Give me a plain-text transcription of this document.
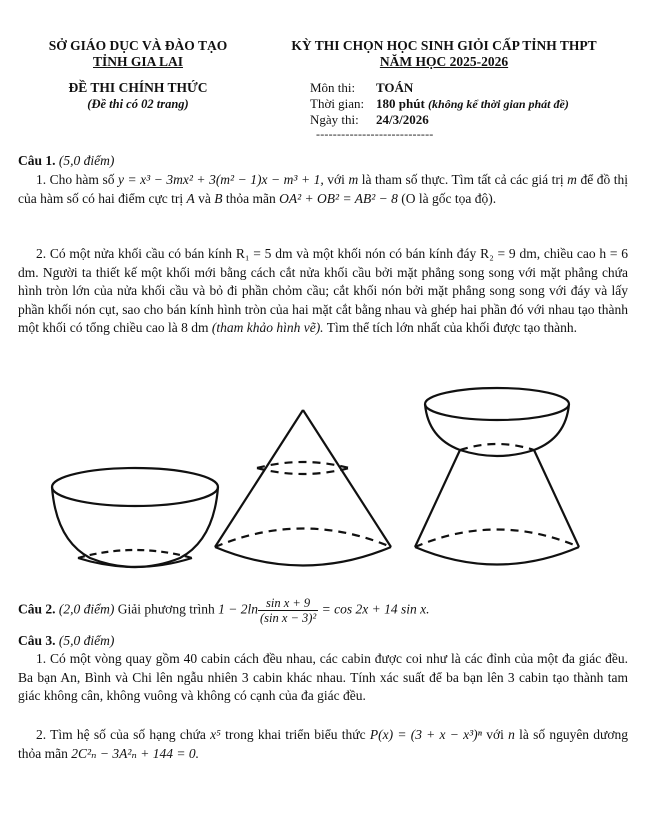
SỞ GIÁO DỤC VÀ ĐÀO TẠO
TỈNH GIA LAI
KỲ THI CHỌN HỌC SINH GIỎI CẤP TỈNH THPT
NĂM HỌC 2025-2026
ĐỀ THI CHÍNH THỨC
(Đề thi có 02 trang)
Môn thi: TOÁN
Thời gian: 180 phút (không kể thời gian phát đề)
Ngày thi: 24/3/2026
----------------------------
Câu 1. (5,0 điểm)
1. Cho hàm số y = x³ − 3mx² + 3(m² − 1)x − m³ + 1, với m là tham số thực. Tìm tất cả các giá trị m để đồ thị của hàm số có hai điểm cực trị A và B thỏa mãn OA² + OB² = AB² − 8 (O là gốc tọa độ).
2. Có một nửa khối cầu có bán kính R₁ = 5 dm và một khối nón có bán kính đáy R₂ = 9 dm, chiều cao h = 6 dm. Người ta thiết kế một khối mới bằng cách cắt nửa khối cầu bởi mặt phẳng song song với mặt phẳng chứa hình tròn lớn của nửa khối cầu và bỏ đi phần chỏm cầu; cắt khối nón bởi mặt phẳng song song với đáy và lấy phần khối nón cụt, sao cho bán kính hình tròn của hai mặt cắt bằng nhau và ghép hai phần đó với nhau tạo thành một khối có tổng chiều cao là 8 dm (tham khảo hình vẽ). Tìm thể tích lớn nhất của khối được tạo thành.
Câu 2. (2,0 điểm) Giải phương trình $1 - 2\ln \frac{\text{sin x + 9}}{\text{(sin x − 3)²}} = \cos 2x + 14$ sin x.
Câu 3. (5,0 điểm)
1. Có một vòng quay gồm 40 cabin cách đều nhau, các cabin được coi như là các đỉnh của một đa giác đều. Ba bạn An, Bình và Chi lên ngẫu nhiên 3 cabin khác nhau. Tính xác suất để ba bạn lên 3 cabin tạo thành tam giác không cân, không vuông và không có cạnh của đa giác đều.
2. Tìm hệ số của số hạng chứa x⁵ trong khai triển biểu thức P(x) = (3 + x − x³)ⁿ với n là số nguyên dương thỏa mãn 2C²ₙ − 3A²ₙ + 144 = 0.
